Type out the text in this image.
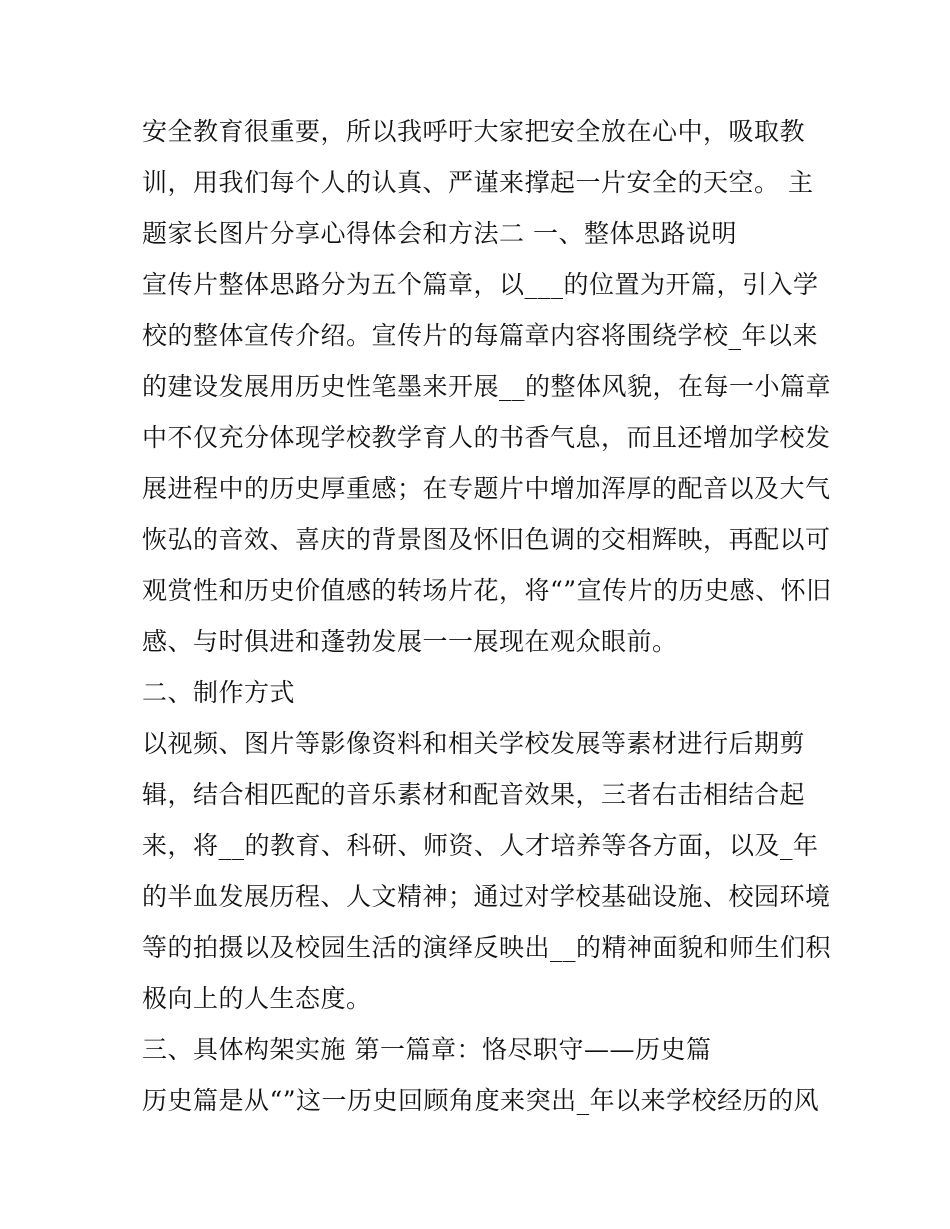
安全教育很重要，所以我呼吁大家把安全放在心中，吸取教
训，用我们每个人的认真、严谨来撑起一片安全的天空。 主
题家长图片分享心得体会和方法二 一、整体思路说明
宣传片整体思路分为五个篇章，以___的位置为开篇，引入学
校的整体宣传介绍。宣传片的每篇章内容将围绕学校_年以来
的建设发展用历史性笔墨来开展__的整体风貌，在每一小篇章
中不仅充分体现学校教学育人的书香气息，而且还增加学校发
展进程中的历史厚重感；在专题片中增加浑厚的配音以及大气
恢弘的音效、喜庆的背景图及怀旧色调的交相辉映，再配以可
观赏性和历史价值感的转场片花，将“”宣传片的历史感、怀旧
感、与时俱进和蓬勃发展一一展现在观众眼前。
二、制作方式
以视频、图片等影像资料和相关学校发展等素材进行后期剪
辑，结合相匹配的音乐素材和配音效果，三者右击相结合起
来，将__的教育、科研、师资、人才培养等各方面，以及_年
的半血发展历程、人文精神；通过对学校基础设施、校园环境
等的拍摄以及校园生活的演绎反映出__的精神面貌和师生们积
极向上的人生态度。
三、具体构架实施 第一篇章：恪尽职守——历史篇
历史篇是从“”这一历史回顾角度来突出_年以来学校经历的风
